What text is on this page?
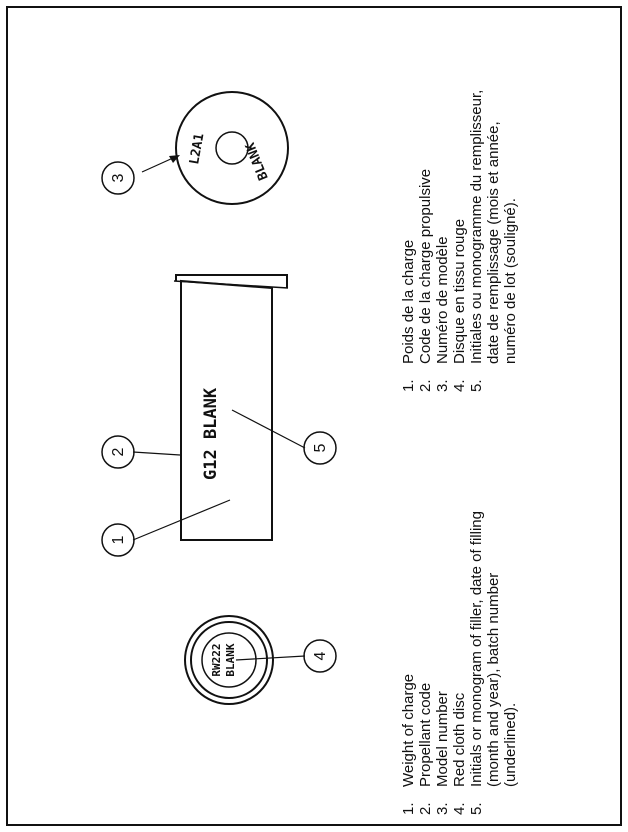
G12 BLANK
1
2	5
3
4
L2A1	BLANK
RW222 BLANK
1. 2. 3. 4. 5.
Weight of charge Propellant code Model number Red cloth disc Initials or monogram of filler, date of filling (month and year), batch number (underlined).
1. 2. 3. 4. 5.
Poids de la charge Code de la charge propulsive Numéro de modèle Disque en tissu rouge Initiales ou monogramme du remplisseur, date de remplissage (mois et année, numéro de lot (souligné).
